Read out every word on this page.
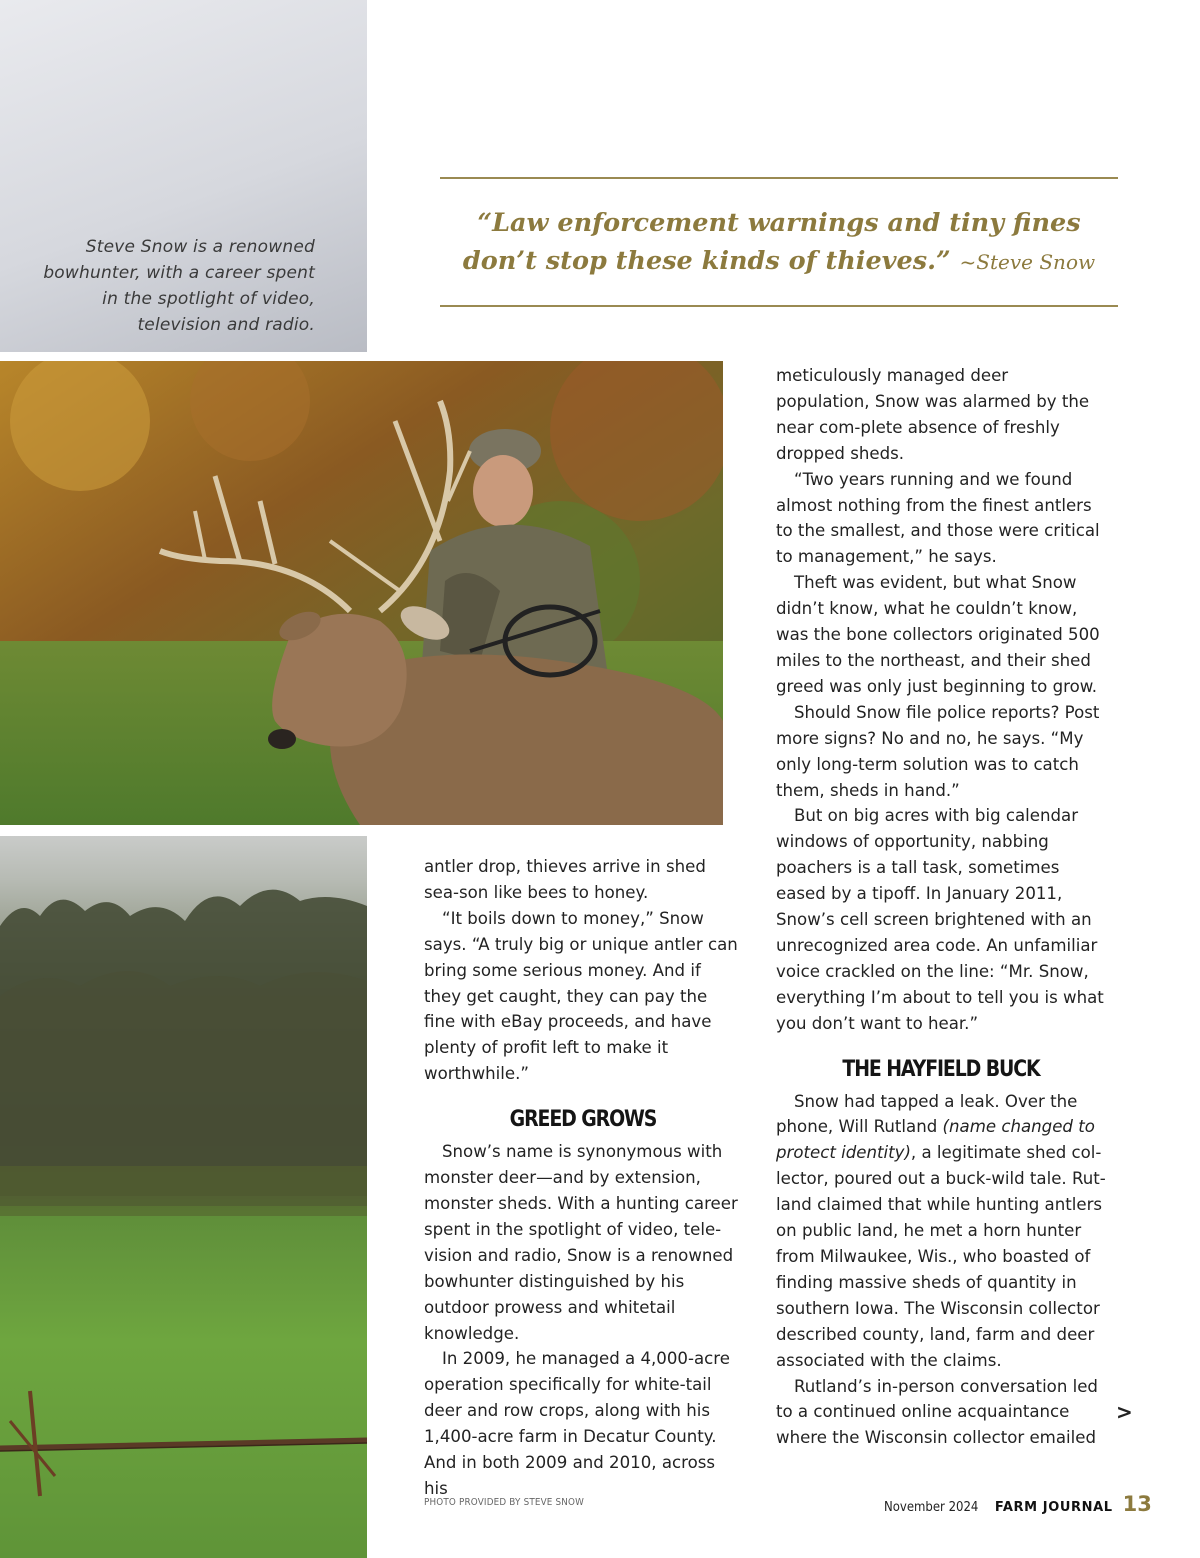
Steve Snow is a renowned bowhunter, with a career spent in the spotlight of video, television and radio.
“Law enforcement warnings and tiny fines don’t stop these kinds of thieves.” ~Steve Snow

antler drop, thieves arrive in shed sea-son like bees to honey.

“It boils down to money,” Snow says. “A truly big or unique antler can bring some serious money. And if they get caught, they can pay the fine with eBay proceeds, and have plenty of profit left to make it worthwhile.”

GREED GROWS

Snow’s name is synonymous with monster deer—and by extension, monster sheds. With a hunting career spent in the spotlight of video, tele-vision and radio, Snow is a renowned bowhunter distinguished by his outdoor prowess and whitetail knowledge.

In 2009, he managed a 4,000-acre operation specifically for white-tail deer and row crops, along with his 1,400-acre farm in Decatur County. And in both 2009 and 2010, across his

meticulously managed deer population, Snow was alarmed by the near com-plete absence of freshly dropped sheds.

“Two years running and we found almost nothing from the finest antlers to the smallest, and those were critical to management,” he says.

Theft was evident, but what Snow didn’t know, what he couldn’t know, was the bone collectors originated 500 miles to the northeast, and their shed greed was only just beginning to grow.

Should Snow file police reports? Post more signs? No and no, he says. “My only long-term solution was to catch them, sheds in hand.”

But on big acres with big calendar windows of opportunity, nabbing poachers is a tall task, sometimes eased by a tipoff. In January 2011, Snow’s cell screen brightened with an unrecognized area code. An unfamiliar voice crackled on the line: “Mr. Snow, everything I’m about to tell you is what you don’t want to hear.”

THE HAYFIELD BUCK

Snow had tapped a leak. Over the phone, Will Rutland (name changed to protect identity), a legitimate shed col-lector, poured out a buck-wild tale. Rut-land claimed that while hunting antlers on public land, he met a horn hunter from Milwaukee, Wis., who boasted of finding massive sheds of quantity in southern Iowa. The Wisconsin collector described county, land, farm and deer associated with the claims.

Rutland’s in-person conversation led to a continued online acquaintance where the Wisconsin collector emailed

>
PHOTO PROVIDED BY STEVE SNOW	November 2024 FARM JOURNAL 13
